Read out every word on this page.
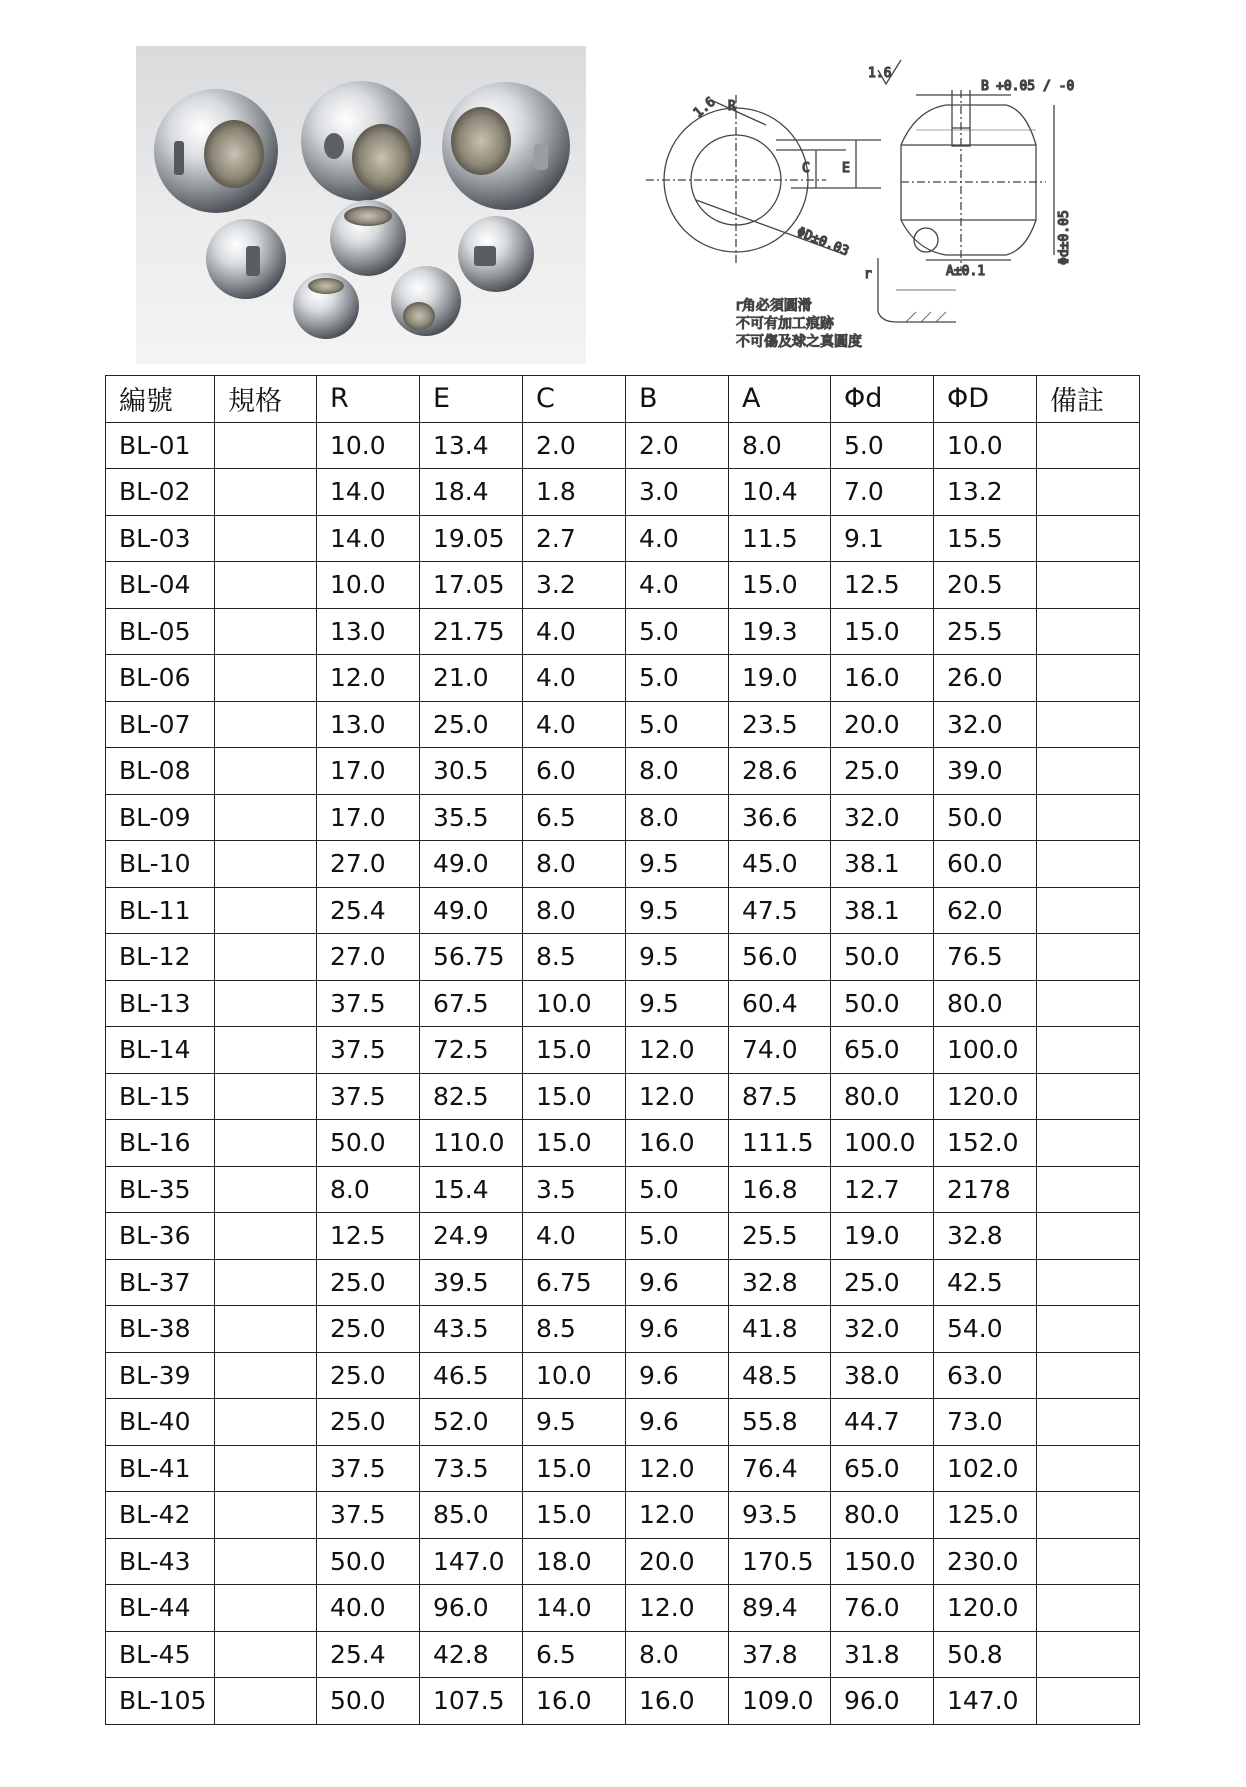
1.6
1.6 R
C E
ΦD±0.03
B +0.05 / -0
A±0.1
Φd±0.05
r
r角必須圓滑
不可有加工痕跡
不可傷及球之真圓度
編號	規格	R	E	C	B	A	Φd	ΦD	備註
BL-01		10.0	13.4	2.0	2.0	8.0	5.0	10.0	
BL-02		14.0	18.4	1.8	3.0	10.4	7.0	13.2	
BL-03		14.0	19.05	2.7	4.0	11.5	9.1	15.5	
BL-04		10.0	17.05	3.2	4.0	15.0	12.5	20.5	
BL-05		13.0	21.75	4.0	5.0	19.3	15.0	25.5	
BL-06		12.0	21.0	4.0	5.0	19.0	16.0	26.0	
BL-07		13.0	25.0	4.0	5.0	23.5	20.0	32.0	
BL-08		17.0	30.5	6.0	8.0	28.6	25.0	39.0	
BL-09		17.0	35.5	6.5	8.0	36.6	32.0	50.0	
BL-10		27.0	49.0	8.0	9.5	45.0	38.1	60.0	
BL-11		25.4	49.0	8.0	9.5	47.5	38.1	62.0	
BL-12		27.0	56.75	8.5	9.5	56.0	50.0	76.5	
BL-13		37.5	67.5	10.0	9.5	60.4	50.0	80.0	
BL-14		37.5	72.5	15.0	12.0	74.0	65.0	100.0	
BL-15		37.5	82.5	15.0	12.0	87.5	80.0	120.0	
BL-16		50.0	110.0	15.0	16.0	111.5	100.0	152.0	
BL-35		8.0	15.4	3.5	5.0	16.8	12.7	2178	
BL-36		12.5	24.9	4.0	5.0	25.5	19.0	32.8	
BL-37		25.0	39.5	6.75	9.6	32.8	25.0	42.5	
BL-38		25.0	43.5	8.5	9.6	41.8	32.0	54.0	
BL-39		25.0	46.5	10.0	9.6	48.5	38.0	63.0	
BL-40		25.0	52.0	9.5	9.6	55.8	44.7	73.0	
BL-41		37.5	73.5	15.0	12.0	76.4	65.0	102.0	
BL-42		37.5	85.0	15.0	12.0	93.5	80.0	125.0	
BL-43		50.0	147.0	18.0	20.0	170.5	150.0	230.0	
BL-44		40.0	96.0	14.0	12.0	89.4	76.0	120.0	
BL-45		25.4	42.8	6.5	8.0	37.8	31.8	50.8	
BL-105		50.0	107.5	16.0	16.0	109.0	96.0	147.0	
